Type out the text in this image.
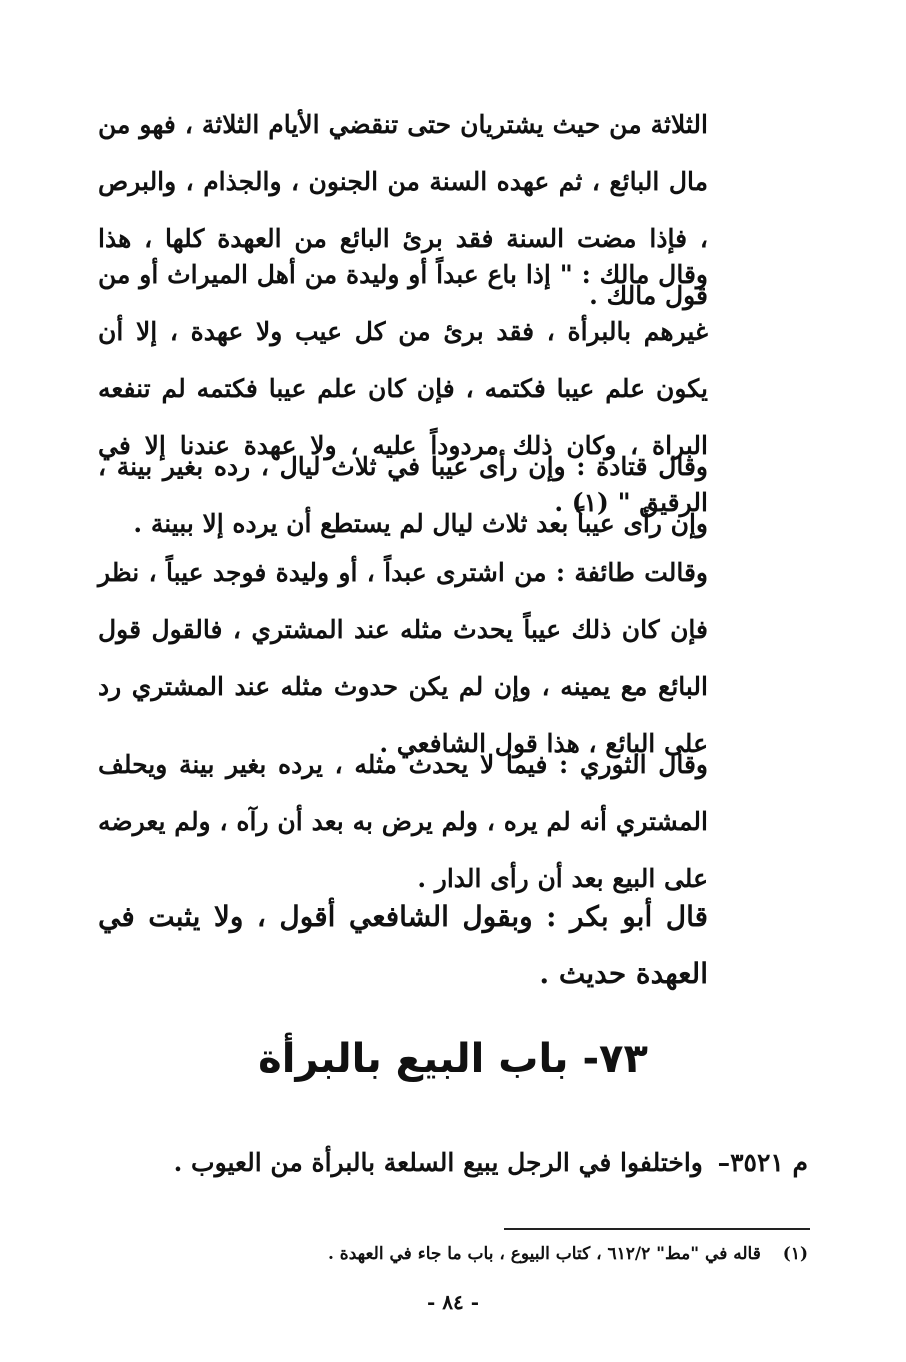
الثلاثة من حيث يشتريان حتى تنقضي الأيام الثلاثة ، فهو من مال البائع ، ثم عهده السنة من الجنون ، والجذام ، والبرص ، فإذا مضت السنة فقد برئ البائع من العهدة كلها ، هذا قول مالك .

وقال مالك : " إذا باع عبداً أو وليدة من أهل الميراث أو من غيرهم بالبرأة ، فقد برئ من كل عيب ولا عهدة ، إلا أن يكون علم عيبا فكتمه ، فإن كان علم عيبا فكتمه لم تنفعه البراة ، وكان ذلك مردوداً عليه ، ولا عهدة عندنا إلا في الرقيق " (١) .

وقال قتادة : وإن رأى عيبا في ثلاث ليال ، رده بغير بينة ، وإن رأى عيباً بعد ثلاث ليال لم يستطع أن يرده إلا ببينة .

وقالت طائفة : من اشترى عبداً ، أو وليدة فوجد عيباً ، نظر فإن كان ذلك عيباً يحدث مثله عند المشتري ، فالقول قول البائع مع يمينه ، وإن لم يكن حدوث مثله عند المشتري رد على البائع ، هذا قول الشافعي .

وقال الثوري : فيما لا يحدث مثله ، يرده بغير بينة ويحلف المشتري أنه لم يره ، ولم يرض به بعد أن رآه ، ولم يعرضه على البيع بعد أن رأى الدار .

قال أبو بكر : وبقول الشافعي أقول ، ولا يثبت في العهدة حديث .

٧٣- باب البيع بالبرأة

م ٣٥٢١– واختلفوا في الرجل يبيع السلعة بالبرأة من العيوب .

(١) قاله في "مط" ٦١٢/٢ ، كتاب البيوع ، باب ما جاء في العهدة .

- ٨٤ -
